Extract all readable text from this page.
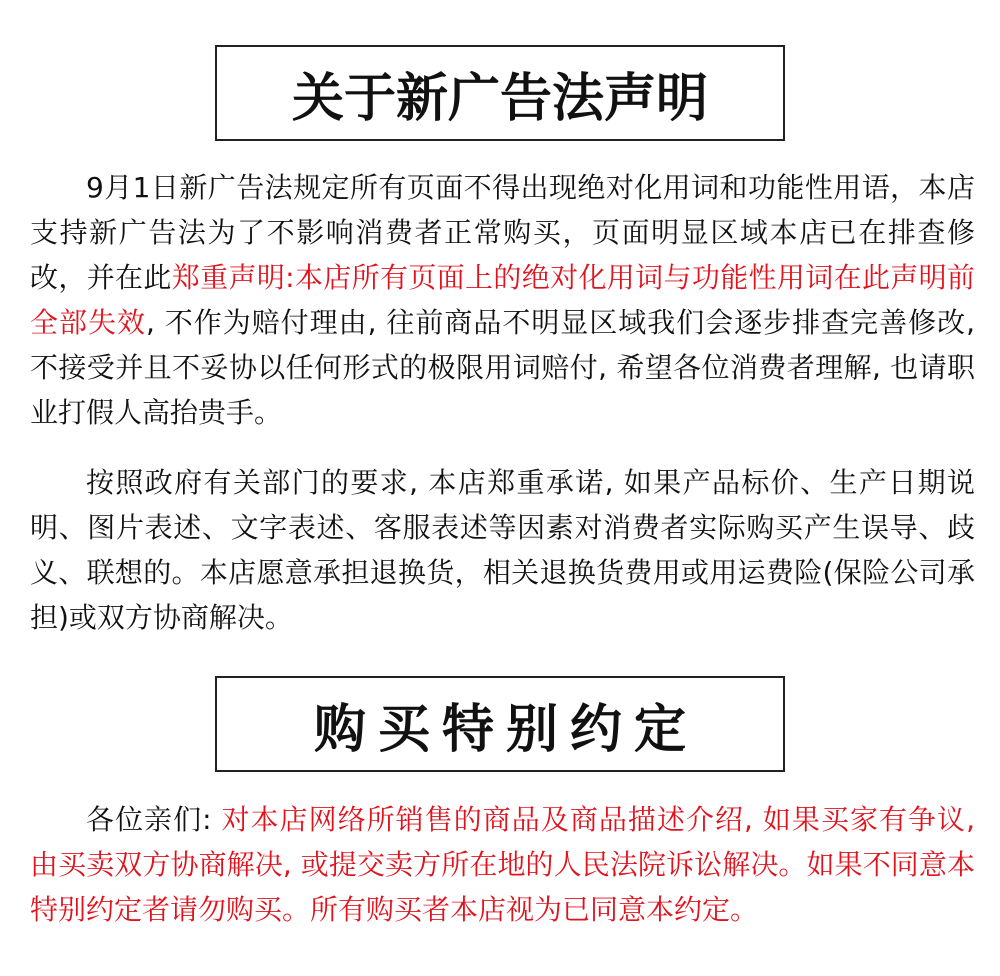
关于新广告法声明

9月1日新广告法规定所有页面不得出现绝对化用词和功能性用语，本店支持新广告法为了不影响消费者正常购买，页面明显区域本店已在排查修改，并在此郑重声明:本店所有页面上的绝对化用词与功能性用词在此声明前全部失效, 不作为赔付理由, 往前商品不明显区域我们会逐步排查完善修改, 不接受并且不妥协以任何形式的极限用词赔付, 希望各位消费者理解, 也请职业打假人高抬贵手。

按照政府有关部门的要求, 本店郑重承诺, 如果产品标价、生产日期说明、图片表述、文字表述、客服表述等因素对消费者实际购买产生误导、歧义、联想的。本店愿意承担退换货，相关退换货费用或用运费险(保险公司承担)或双方协商解决。

购买特别约定

各位亲们: 对本店网络所销售的商品及商品描述介绍, 如果买家有争议, 由买卖双方协商解决, 或提交卖方所在地的人民法院诉讼解决。如果不同意本特别约定者请勿购买。所有购买者本店视为已同意本约定。
